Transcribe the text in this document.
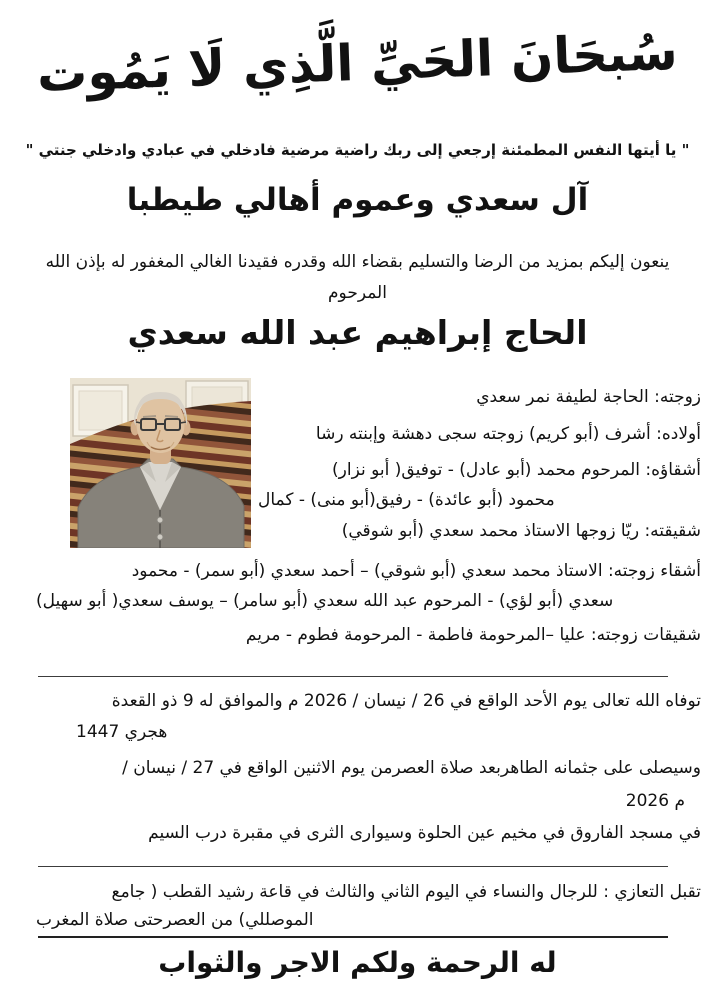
سُبحَانَ الحَيِّ الَّذِي لَا يَمُوت
" يا أيتها النفس المطمئنة إرجعي إلى ربك راضية مرضية فادخلي في عبادي وادخلي جنتي "
آل سعدي وعموم أهالي طيطبا
ينعون إليكم بمزيد من الرضا والتسليم بقضاء الله وقدره فقيدنا الغالي المغفور له بإذن الله
المرحوم
الحاج إبراهيم عبد الله سعدي
زوجته: الحاجة لطيفة نمر سعدي
أولاده: أشرف (أبو كريم) زوجته سجى دهشة وإبنته رشا
أشقاؤه: المرحوم محمد (أبو عادل) - توفيق( أبو نزار)
محمود (أبو عائدة) - رفيق(أبو منى) - كمال
شقيقته: ريّا زوجها الاستاذ محمد سعدي (أبو شوقي)
أشقاء زوجته: الاستاذ محمد سعدي (أبو شوقي) – أحمد سعدي (أبو سمر) - محمود
سعدي (أبو لؤي) - المرحوم عبد الله سعدي (أبو سامر) – يوسف سعدي( أبو سهيل)
شقيقات زوجته: عليا –المرحومة فاطمة - المرحومة فطوم - مريم
توفاه الله تعالى يوم الأحد الواقع في 26 / نيسان / 2026 م والموافق له 9 ذو القعدة
1447 هجري
وسيصلى على جثمانه الطاهربعد صلاة العصرمن يوم الاثنين الواقع في 27 / نيسان /
2026 م
في مسجد الفاروق في مخيم عين الحلوة وسيوارى الثرى في مقبرة درب السيم
تقبل التعازي : للرجال والنساء في اليوم الثاني والثالث في قاعة رشيد القطب ( جامع
الموصللي) من العصرحتى صلاة المغرب
له الرحمة ولكم الاجر والثواب
